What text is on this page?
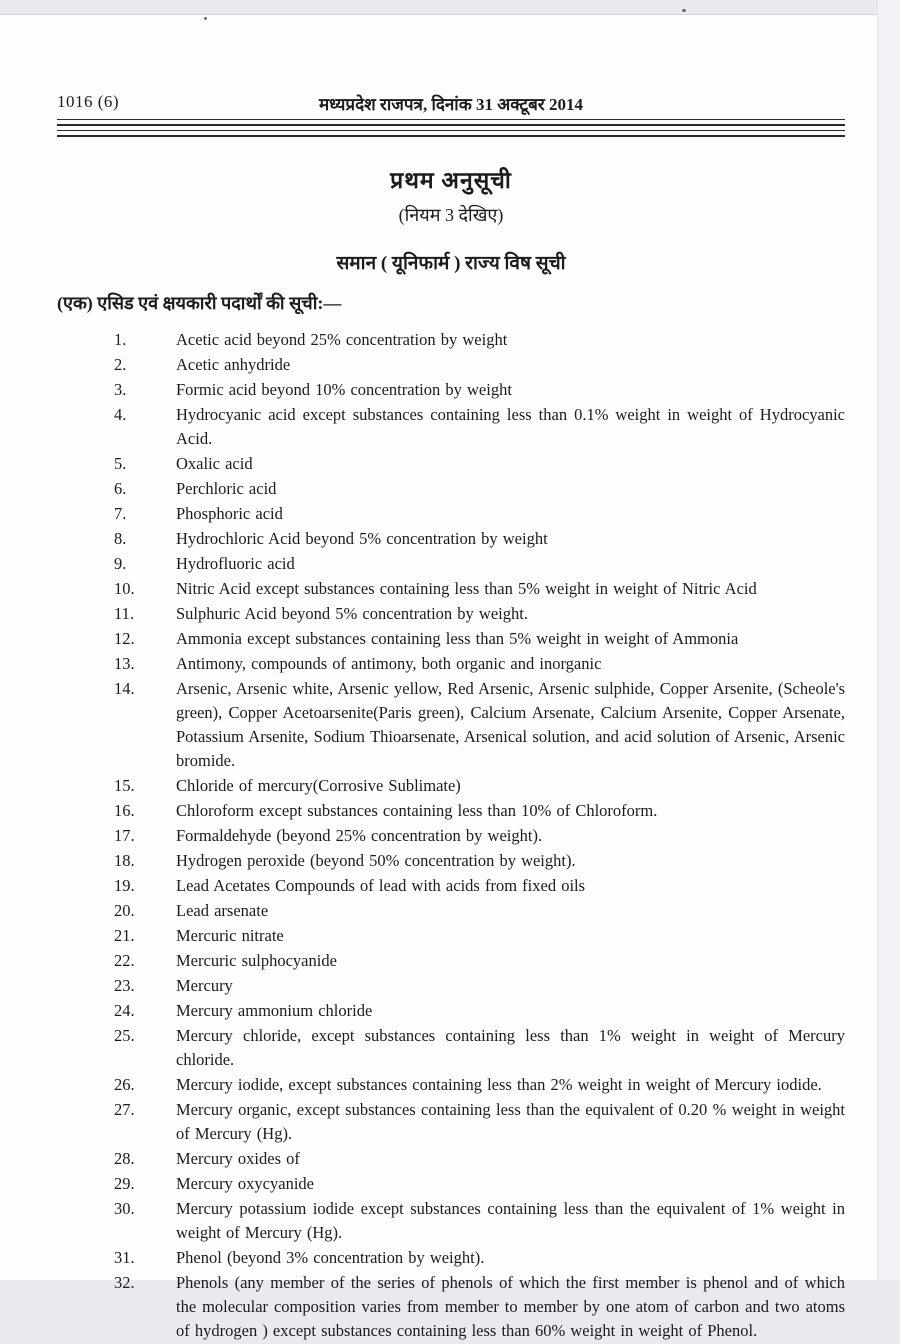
1016 (6)	मध्यप्रदेश राजपत्र, दिनांक 31 अक्टूबर 2014
प्रथम अनुसूची
(नियम 3 देखिए)
समान ( यूनिफार्म ) राज्य विष सूची
(एक) एसिड एवं क्षयकारी पदार्थों की सूची:—
1.	Acetic acid beyond 25% concentration by weight
2.	Acetic anhydride
3.	Formic acid beyond 10% concentration by weight
4.	Hydrocyanic acid except substances containing less than 0.1% weight in weight of Hydrocyanic Acid.
5.	Oxalic acid
6.	Perchloric acid
7.	Phosphoric acid
8.	Hydrochloric Acid beyond 5% concentration by weight
9.	Hydrofluoric acid
10.	Nitric Acid except substances containing less than 5% weight in weight of Nitric Acid
11.	Sulphuric Acid beyond 5% concentration by weight.
12.	Ammonia except substances containing less than 5% weight in weight of Ammonia
13.	Antimony, compounds of antimony, both organic and inorganic
14.	Arsenic, Arsenic white, Arsenic yellow, Red Arsenic, Arsenic sulphide, Copper Arsenite, (Scheole's green), Copper Acetoarsenite(Paris green), Calcium Arsenate, Calcium Arsenite, Copper Arsenate, Potassium Arsenite, Sodium Thioarsenate, Arsenical solution, and acid solution of Arsenic, Arsenic bromide.
15.	Chloride of mercury(Corrosive Sublimate)
16.	Chloroform except substances containing less than 10% of Chloroform.
17.	Formaldehyde (beyond 25% concentration by weight).
18.	Hydrogen peroxide (beyond 50% concentration by weight).
19.	Lead Acetates Compounds of lead with acids from fixed oils
20.	Lead arsenate
21.	Mercuric nitrate
22.	Mercuric sulphocyanide
23.	Mercury
24.	Mercury ammonium chloride
25.	Mercury chloride, except substances containing less than 1% weight in weight of Mercury chloride.
26.	Mercury iodide, except substances containing less than 2% weight in weight of Mercury iodide.
27.	Mercury organic, except substances containing less than the equivalent of 0.20 % weight in weight of Mercury (Hg).
28.	Mercury oxides of
29.	Mercury oxycyanide
30.	Mercury potassium iodide except substances containing less than the equivalent of 1% weight in weight of Mercury (Hg).
31.	Phenol (beyond 3% concentration by weight).
32.	Phenols (any member of the series of phenols of which the first member is phenol and of which the molecular composition varies from member to member by one atom of carbon and two atoms of hydrogen ) except substances containing less than 60% weight in weight of Phenol.
